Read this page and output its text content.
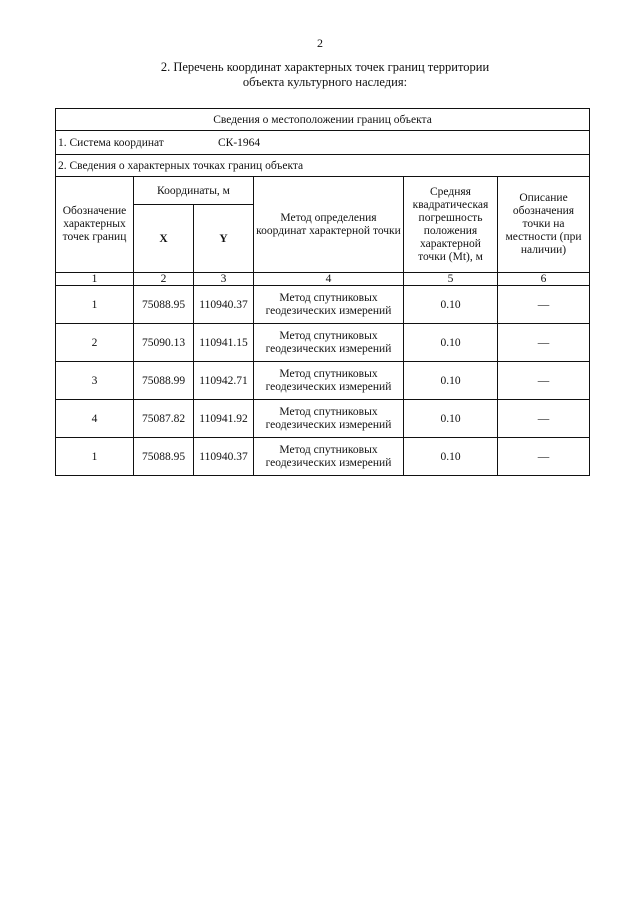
2
2. Перечень координат характерных точек границ территории
объекта культурного наследия:
Сведения о местоположении границ объекта					
1. Система координат СК-1964					
2. Сведения о характерных точках границ объекта					
Обозначение характерных точек границ	Координаты, м		Метод определения координат характерной точки	Средняя квадратическая погрешность положения характерной точки (Mt), м	Описание обозначения точки на местности (при наличии)
	X	Y			
1	2	3	4	5	6
1	75088.95	110940.37	Метод спутниковых геодезических измерений	0.10	—
2	75090.13	110941.15	Метод спутниковых геодезических измерений	0.10	—
3	75088.99	110942.71	Метод спутниковых геодезических измерений	0.10	—
4	75087.82	110941.92	Метод спутниковых геодезических измерений	0.10	—
1	75088.95	110940.37	Метод спутниковых геодезических измерений	0.10	—
